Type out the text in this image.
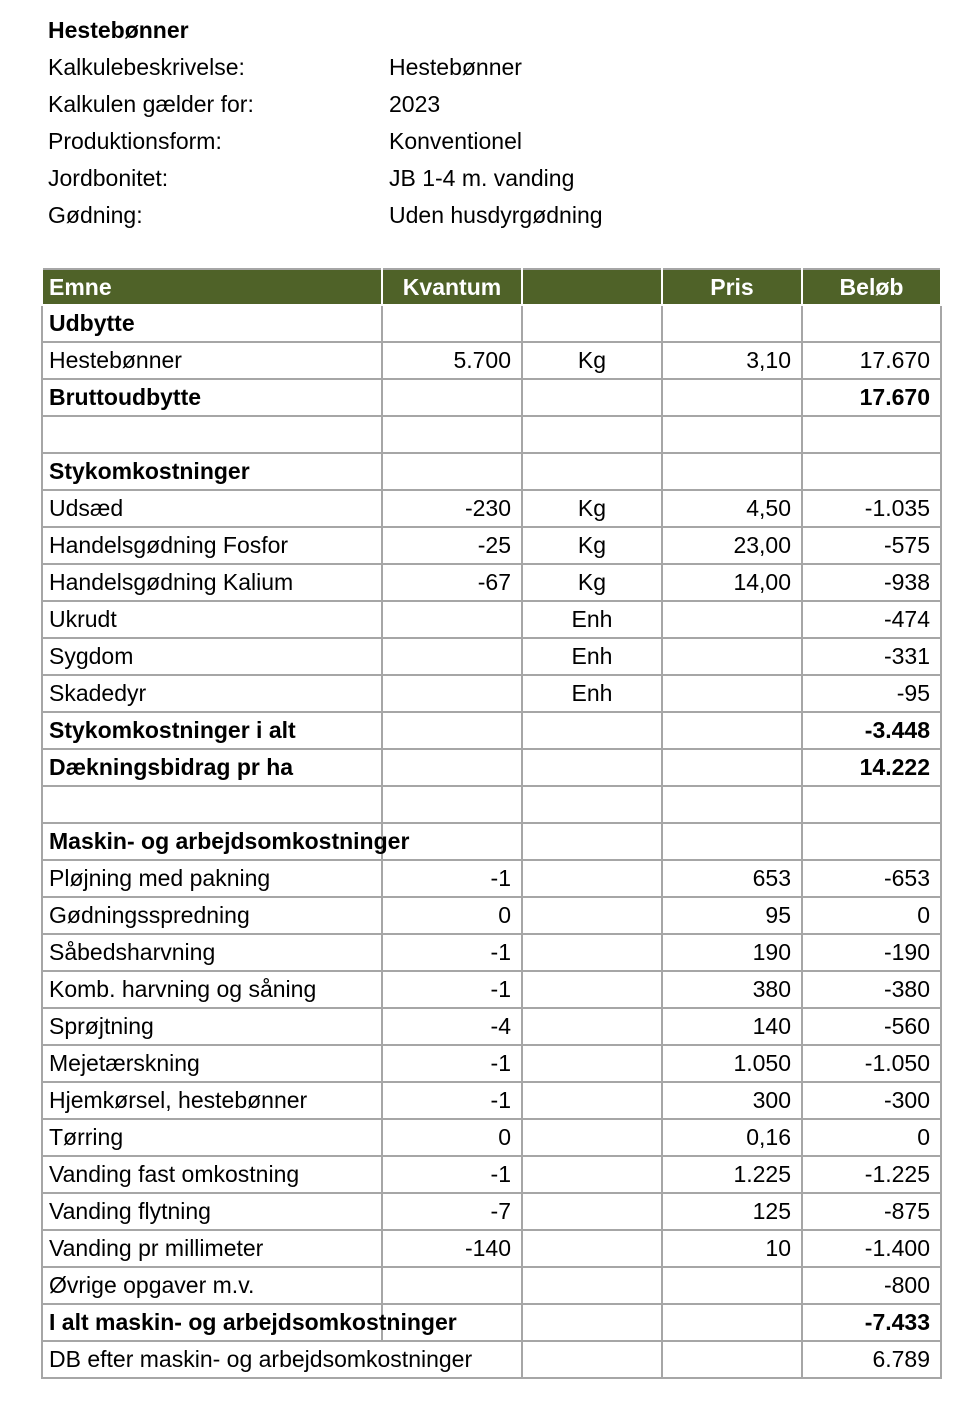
Hestebønner
Kalkulebeskrivelse:	Hestebønner
Kalkulen gælder for:	2023
Produktionsform:	Konventionel
Jordbonitet:	JB 1-4 m. vanding
Gødning:	Uden husdyrgødning
Emne	Kvantum		Pris	Beløb
Udbytte				
Hestebønner	5.700	Kg	3,10	17.670
Bruttoudbytte				17.670

Stykomkostninger				
Udsæd	-230	Kg	4,50	-1.035
Handelsgødning Fosfor	-25	Kg	23,00	-575
Handelsgødning Kalium	-67	Kg	14,00	-938
Ukrudt		Enh		-474
Sygdom		Enh		-331
Skadedyr		Enh		-95
Stykomkostninger i alt				-3.448
Dækningsbidrag pr ha				14.222

Maskin- og arbejdsomkostninger				
Pløjning med pakning	-1		653	-653
Gødningsspredning	0		95	0
Såbedsharvning	-1		190	-190
Komb. harvning og såning	-1		380	-380
Sprøjtning	-4		140	-560
Mejetærskning	-1		1.050	-1.050
Hjemkørsel, hestebønner	-1		300	-300
Tørring	0		0,16	0
Vanding fast omkostning	-1		1.225	-1.225
Vanding flytning	-7		125	-875
Vanding pr millimeter	-140		10	-1.400
Øvrige opgaver m.v.				-800
I alt maskin- og arbejdsomkostninger				-7.433
DB efter maskin- og arbejdsomkostninger				6.789
